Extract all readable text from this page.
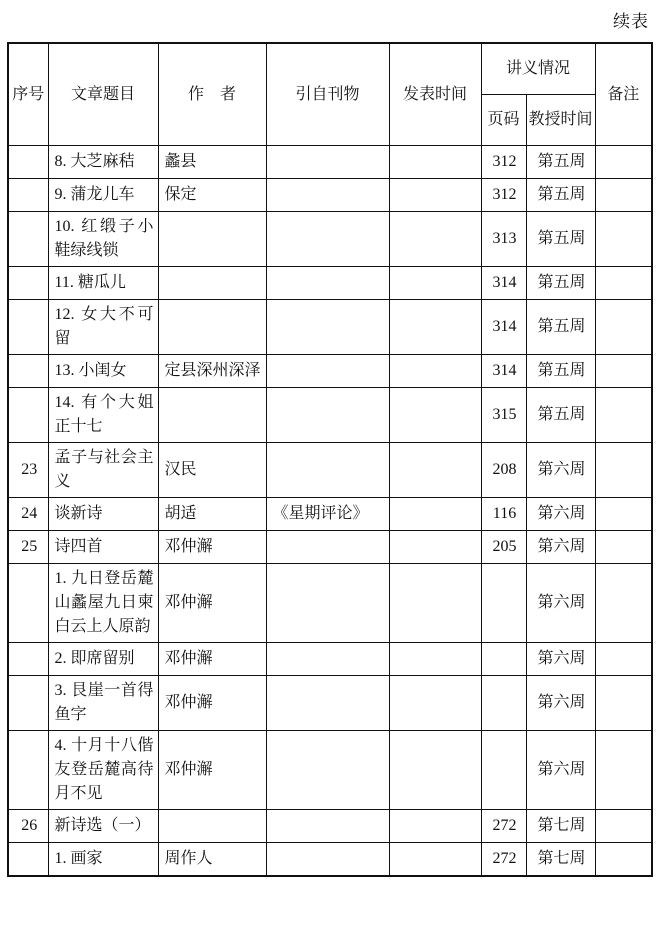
续表
序号	文章题目	作　者	引自刊物	发表时间	讲义情况		备注
					页码	教授时间	
	8. 大芝麻秸	蠡县			312	第五周	
	9. 蒲龙儿车	保定			312	第五周	
	10. 红缎子小鞋绿线锁				313	第五周	
	11. 糖瓜儿				314	第五周	
	12. 女大不可留				314	第五周	
	13. 小闺女	定县深州深泽			314	第五周	
	14. 有个大姐正十七				315	第五周	
23	孟子与社会主义	汉民			208	第六周	
24	谈新诗	胡适	《星期评论》		116	第六周	
25	诗四首	邓仲澥			205	第六周	
	1. 九日登岳麓山蠡屋九日柬白云上人原韵	邓仲澥				第六周	
	2. 即席留别	邓仲澥				第六周	
	3. 艮崖一首得鱼字	邓仲澥				第六周	
	4. 十月十八偕友登岳麓高待月不见	邓仲澥				第六周	
26	新诗选（一）				272	第七周	
	1. 画家	周作人			272	第七周	
